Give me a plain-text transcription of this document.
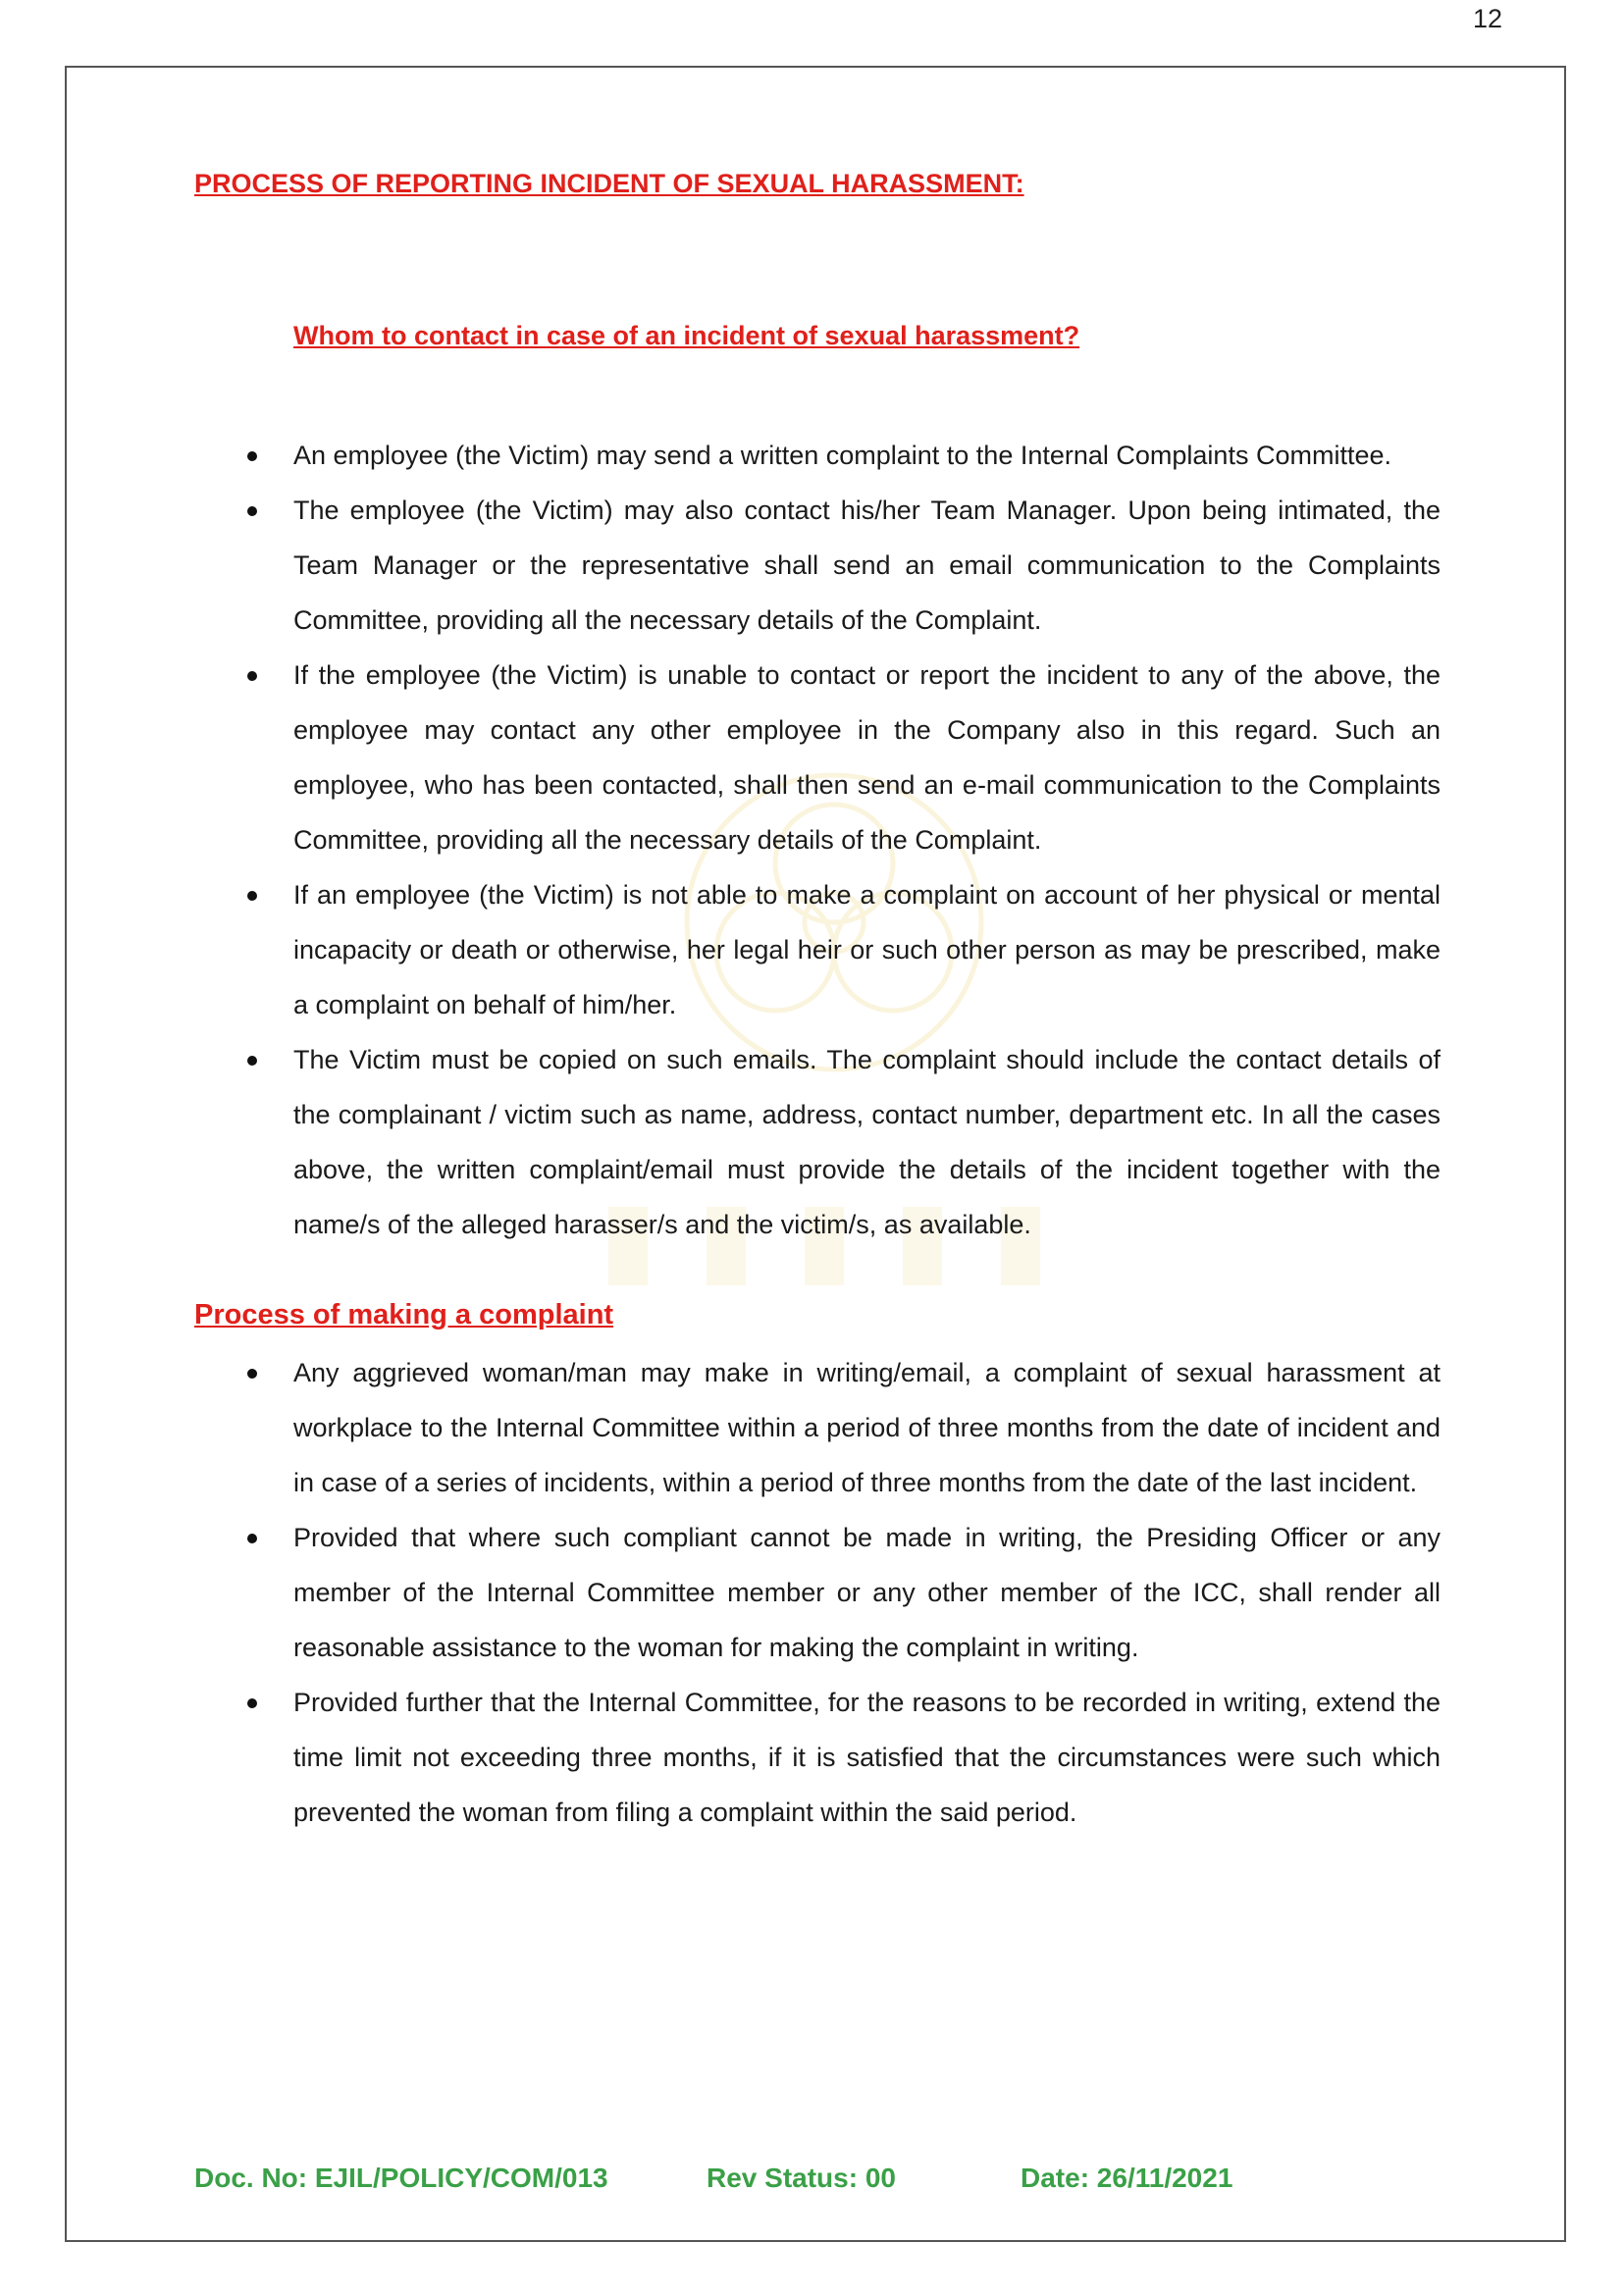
12
PROCESS OF REPORTING INCIDENT OF SEXUAL HARASSMENT:
Whom to contact in case of an incident of sexual harassment?
An employee (the Victim) may send a written complaint to the Internal Complaints Committee.
The employee (the Victim) may also contact his/her Team Manager. Upon being intimated, the Team Manager or the representative shall send an email communication to the Complaints Committee, providing all the necessary details of the Complaint.
If the employee (the Victim) is unable to contact or report the incident to any of the above, the employee may contact any other employee in the Company also in this regard. Such an employee, who has been contacted, shall then send an e-mail communication to the Complaints Committee, providing all the necessary details of the Complaint.
If an employee (the Victim) is not able to make a complaint on account of her physical or mental incapacity or death or otherwise, her legal heir or such other person as may be prescribed, make a complaint on behalf of him/her.
The Victim must be copied on such emails. The complaint should include the contact details of the complainant / victim such as name, address, contact number, department etc. In all the cases above, the written complaint/email must provide the details of the incident together with the name/s of the alleged harasser/s and the victim/s, as available.
Process of making a complaint
Any aggrieved woman/man may make in writing/email, a complaint of sexual harassment at workplace to the Internal Committee within a period of three months from the date of incident and in case of a series of incidents, within a period of three months from the date of the last incident.
Provided that where such compliant cannot be made in writing, the Presiding Officer or any member of the Internal Committee member or any other member of the ICC, shall render all reasonable assistance to the woman for making the complaint in writing.
Provided further that the Internal Committee, for the reasons to be recorded in writing, extend the time limit not exceeding three months, if it is satisfied that the circumstances were such which prevented the woman from filing a complaint within the said period.
Doc. No: EJIL/POLICY/COM/013	Rev Status: 00	Date: 26/11/2021
